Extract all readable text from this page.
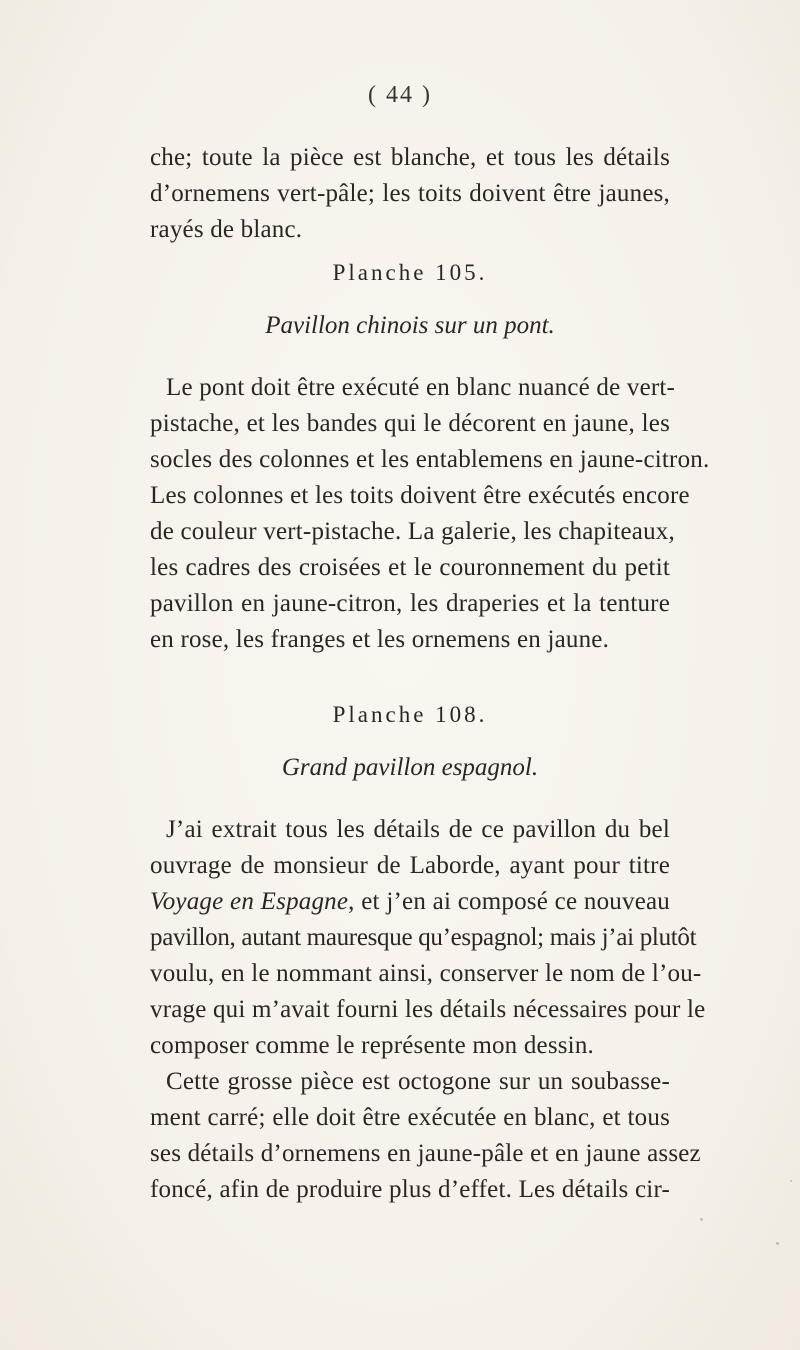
( 44 )
che; toute la pièce est blanche, et tous les détails
d’ornemens vert-pâle; les toits doivent être jaunes,
rayés de blanc.
Planche 105.
Pavillon chinois sur un pont.
Le pont doit être exécuté en blanc nuancé de vert-
pistache, et les bandes qui le décorent en jaune, les
socles des colonnes et les entablemens en jaune-citron.
Les colonnes et les toits doivent être exécutés encore
de couleur vert-pistache. La galerie, les chapiteaux,
les cadres des croisées et le couronnement du petit
pavillon en jaune-citron, les draperies et la tenture
en rose, les franges et les ornemens en jaune.
Planche 108.
Grand pavillon espagnol.
J’ai extrait tous les détails de ce pavillon du bel
ouvrage de monsieur de Laborde, ayant pour titre
Voyage en Espagne, et j’en ai composé ce nouveau
pavillon, autant mauresque qu’espagnol; mais j’ai plutôt
voulu, en le nommant ainsi, conserver le nom de l’ou-
vrage qui m’avait fourni les détails nécessaires pour le
composer comme le représente mon dessin.
Cette grosse pièce est octogone sur un soubasse-
ment carré; elle doit être exécutée en blanc, et tous
ses détails d’ornemens en jaune-pâle et en jaune assez
foncé, afin de produire plus d’effet. Les détails cir-
